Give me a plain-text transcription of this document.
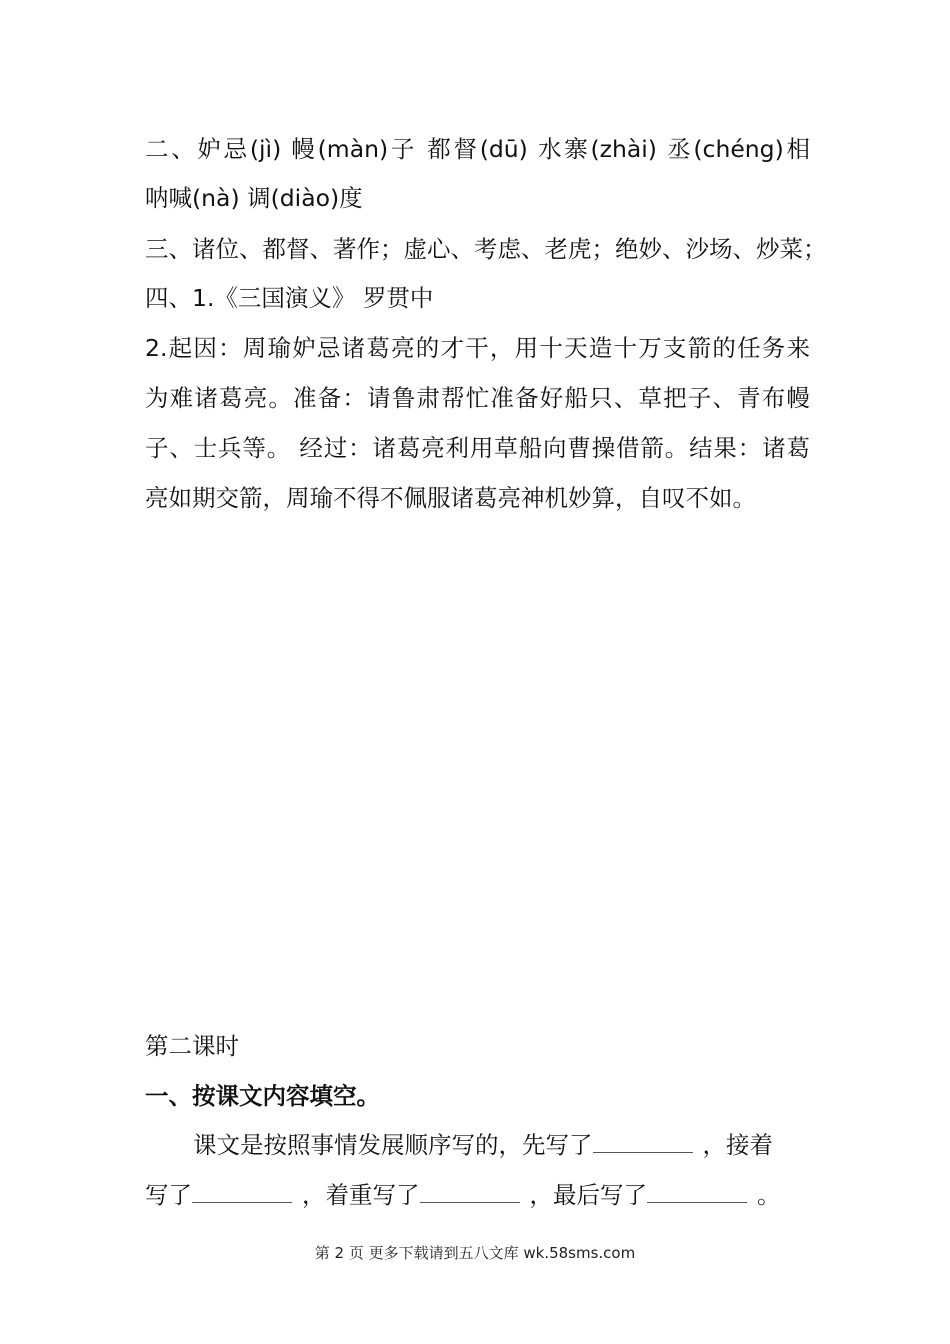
二、妒忌(jì) 幔(màn)子 都督(dū) 水寨(zhài) 丞(chéng)相
呐喊(nà) 调(diào)度
三、诸位、都督、著作；虚心、考虑、老虎；绝妙、沙场、炒菜；
四、1.《三国演义》 罗贯中
2.起因：周瑜妒忌诸葛亮的才干，用十天造十万支箭的任务来
为难诸葛亮。准备：请鲁肃帮忙准备好船只、草把子、青布幔
子、士兵等。 经过：诸葛亮利用草船向曹操借箭。结果：诸葛
亮如期交箭，周瑜不得不佩服诸葛亮神机妙算，自叹不如。
第二课时
一、按课文内容填空。
课文是按照事情发展顺序写的，先写了	，接着
写了	，着重写了	，最后写了	。
第 2 页 更多下载请到五八文库 wk.58sms.com
